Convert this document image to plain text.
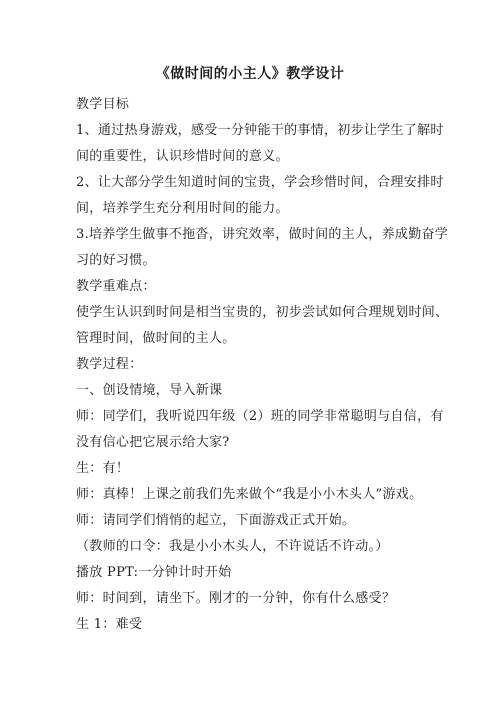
《做时间的小主人》教学设计

教学目标

1、通过热身游戏，感受一分钟能干的事情，初步让学生了解时

间的重要性，认识珍惜时间的意义。

2、让大部分学生知道时间的宝贵，学会珍惜时间，合理安排时

间，培养学生充分利用时间的能力。

3.培养学生做事不拖沓，讲究效率，做时间的主人，养成勤奋学

习的好习惯。

教学重难点：

使学生认识到时间是相当宝贵的，初步尝试如何合理规划时间、

管理时间，做时间的主人。

教学过程：

一、创设情境，导入新课

师：同学们，我听说四年级（2）班的同学非常聪明与自信，有

没有信心把它展示给大家?

生：有！

师：真棒！上课之前我们先来做个“我是小小木头人”游戏。

师：请同学们悄悄的起立，下面游戏正式开始。

（教师的口令：我是小小木头人，不许说话不许动。）

播放 PPT:一分钟计时开始

师：时间到，请坐下。刚才的一分钟，你有什么感受？

生 1：难受
